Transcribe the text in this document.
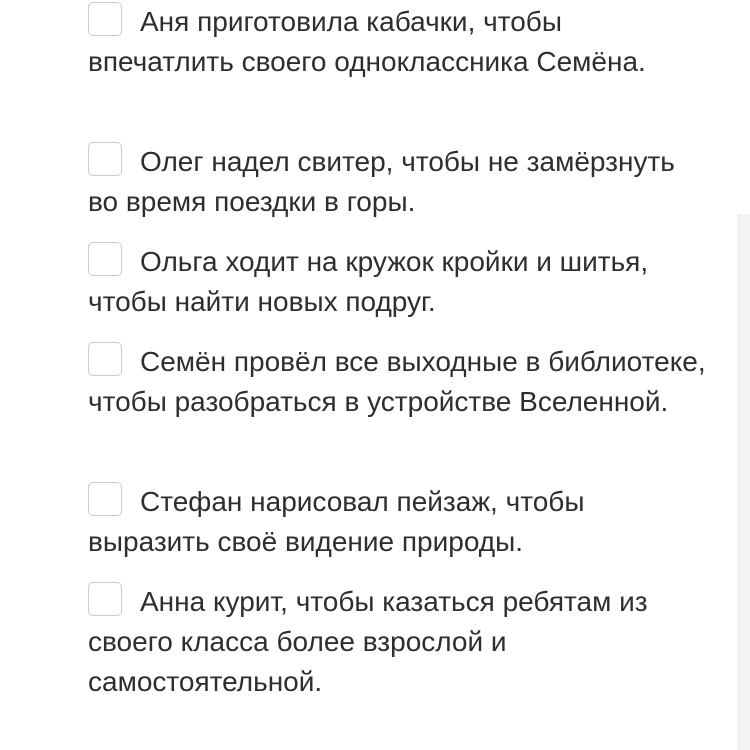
Аня приготовила кабачки, чтобы впечатлить своего одноклассника Семёна.
Олег надел свитер, чтобы не замёрзнуть во время поездки в горы.
Ольга ходит на кружок кройки и шитья, чтобы найти новых подруг.
Семён провёл все выходные в библиотеке, чтобы разобраться в устройстве Вселенной.
Стефан нарисовал пейзаж, чтобы выразить своё видение природы.
Анна курит, чтобы казаться ребятам из своего класса более взрослой и самостоятельной.
